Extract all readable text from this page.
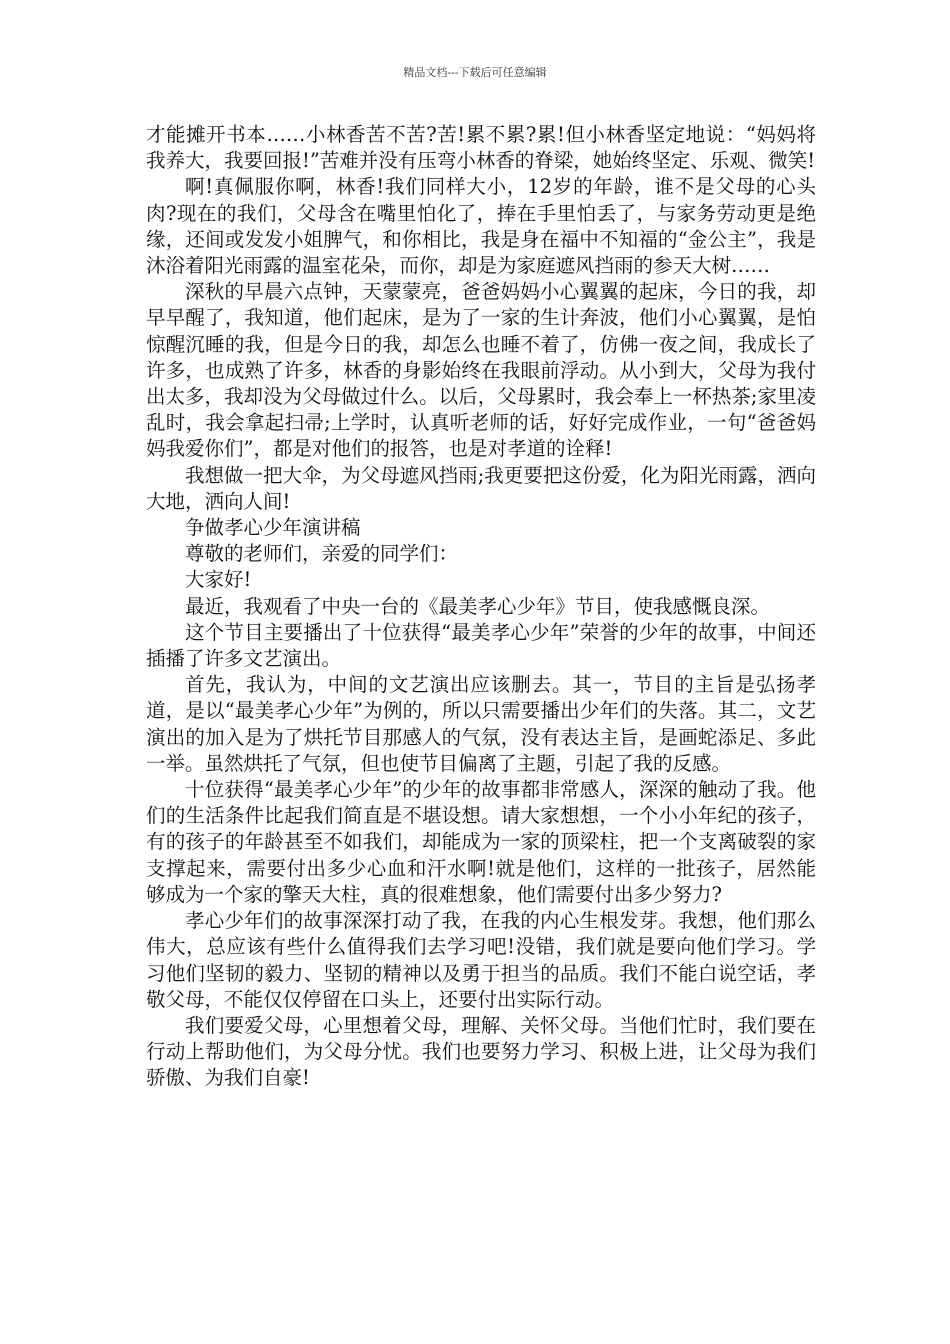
精品文档---下载后可任意编辑

才能摊开书本……小林香苦不苦?苦!累不累?累!但小林香坚定地说：“妈妈将我养大，我要回报!”苦难并没有压弯小林香的脊梁，她始终坚定、乐观、微笑!

啊!真佩服你啊，林香!我们同样大小，12岁的年龄，谁不是父母的心头肉?现在的我们，父母含在嘴里怕化了，捧在手里怕丢了，与家务劳动更是绝缘，还间或发发小姐脾气，和你相比，我是身在福中不知福的“金公主”，我是沐浴着阳光雨露的温室花朵，而你，却是为家庭遮风挡雨的参天大树……

深秋的早晨六点钟，天蒙蒙亮，爸爸妈妈小心翼翼的起床，今日的我，却早早醒了，我知道，他们起床，是为了一家的生计奔波，他们小心翼翼，是怕惊醒沉睡的我，但是今日的我，却怎么也睡不着了，仿佛一夜之间，我成长了许多，也成熟了许多，林香的身影始终在我眼前浮动。从小到大，父母为我付出太多，我却没为父母做过什么。以后，父母累时，我会奉上一杯热茶;家里凌乱时，我会拿起扫帚;上学时，认真听老师的话，好好完成作业，一句“爸爸妈妈我爱你们”，都是对他们的报答，也是对孝道的诠释!

我想做一把大伞，为父母遮风挡雨;我更要把这份爱，化为阳光雨露，洒向大地，洒向人间!

争做孝心少年演讲稿

尊敬的老师们，亲爱的同学们：

大家好!

最近，我观看了中央一台的《最美孝心少年》节目，使我感慨良深。

这个节目主要播出了十位获得“最美孝心少年”荣誉的少年的故事，中间还插播了许多文艺演出。

首先，我认为，中间的文艺演出应该删去。其一，节目的主旨是弘扬孝道，是以“最美孝心少年”为例的，所以只需要播出少年们的失落。其二，文艺演出的加入是为了烘托节目那感人的气氛，没有表达主旨，是画蛇添足、多此一举。虽然烘托了气氛，但也使节目偏离了主题，引起了我的反感。

十位获得“最美孝心少年”的少年的故事都非常感人，深深的触动了我。他们的生活条件比起我们简直是不堪设想。请大家想想，一个小小年纪的孩子，有的孩子的年龄甚至不如我们，却能成为一家的顶梁柱，把一个支离破裂的家支撑起来，需要付出多少心血和汗水啊!就是他们，这样的一批孩子，居然能够成为一个家的擎天大柱，真的很难想象，他们需要付出多少努力?

孝心少年们的故事深深打动了我，在我的内心生根发芽。我想，他们那么伟大，总应该有些什么值得我们去学习吧!没错，我们就是要向他们学习。学习他们坚韧的毅力、坚韧的精神以及勇于担当的品质。我们不能白说空话，孝敬父母，不能仅仅停留在口头上，还要付出实际行动。

我们要爱父母，心里想着父母，理解、关怀父母。当他们忙时，我们要在行动上帮助他们，为父母分忧。我们也要努力学习、积极上进，让父母为我们骄傲、为我们自豪!
